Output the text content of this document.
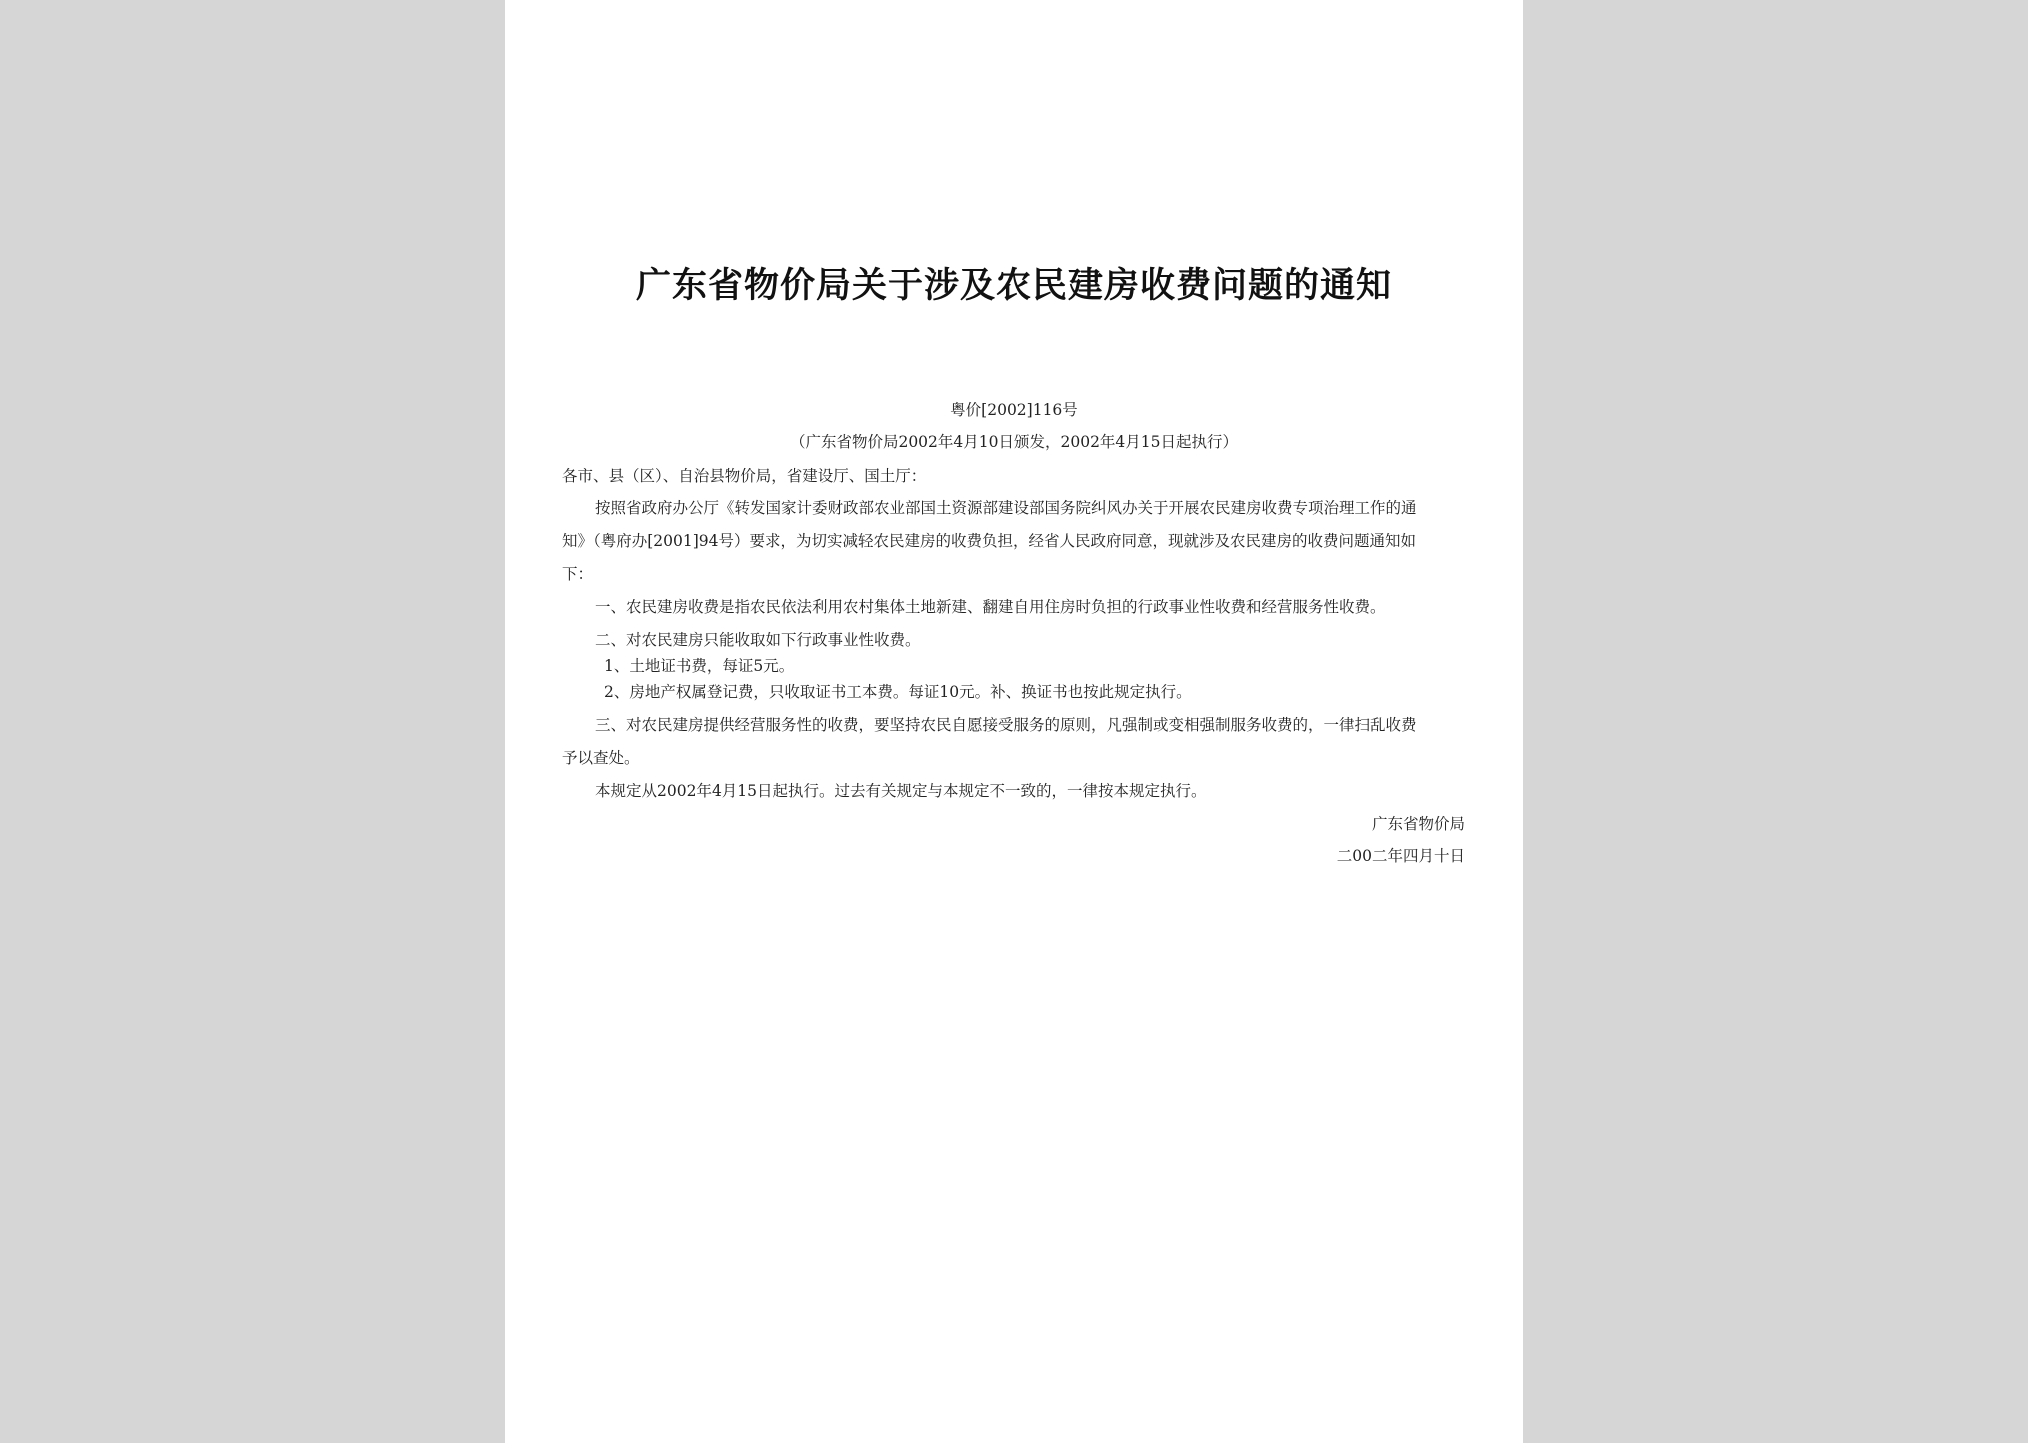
广东省物价局关于涉及农民建房收费问题的通知
粤价[2002]116号
（广东省物价局2002年4月10日颁发，2002年4月15日起执行）
各市、县（区）、自治县物价局，省建设厅、国土厅：
按照省政府办公厅《转发国家计委财政部农业部国土资源部建设部国务院纠风办关于开展农民建房收费专项治理工作的通
知》（粤府办[2001]94号）要求，为切实减轻农民建房的收费负担，经省人民政府同意，现就涉及农民建房的收费问题通知如
下：
一、农民建房收费是指农民依法利用农村集体土地新建、翻建自用住房时负担的行政事业性收费和经营服务性收费。
二、对农民建房只能收取如下行政事业性收费。
1、土地证书费，每证5元。
2、房地产权属登记费，只收取证书工本费。每证10元。补、换证书也按此规定执行。
三、对农民建房提供经营服务性的收费，要坚持农民自愿接受服务的原则，凡强制或变相强制服务收费的，一律扫乱收费
予以查处。
本规定从2002年4月15日起执行。过去有关规定与本规定不一致的，一律按本规定执行。
广东省物价局
二00二年四月十日
